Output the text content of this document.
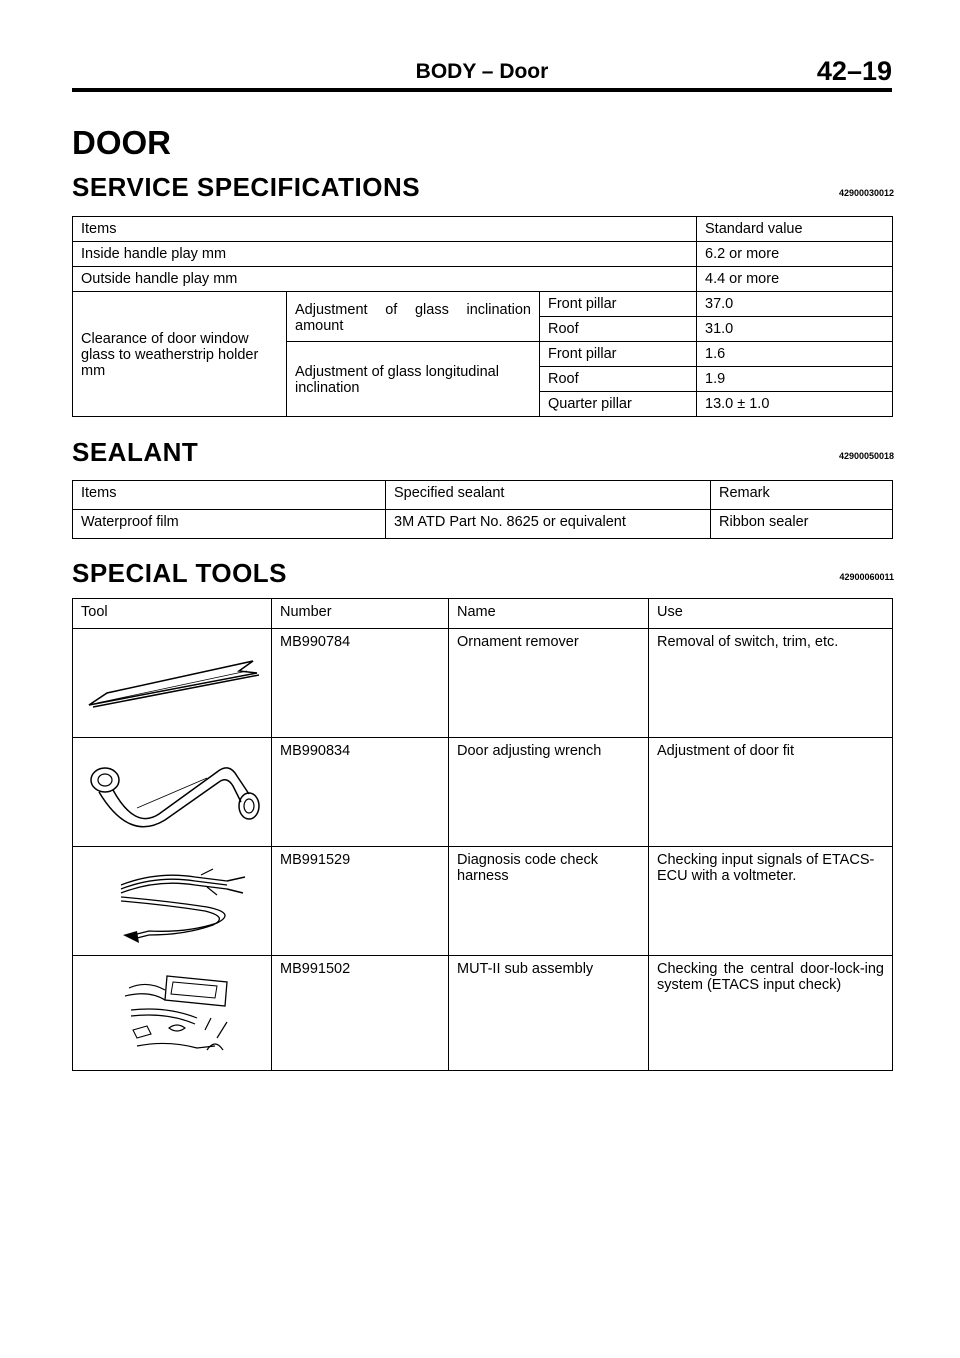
BODY – Door	42–19
DOOR
SERVICE SPECIFICATIONS	42900030012
Items			Standard value
Inside handle play mm			6.2 or more
Outside handle play mm			4.4 or more
Clearance of door window glass to weatherstrip holder mm	Adjustment of glass inclination amount	Front pillar	37.0
		Roof	31.0
	Adjustment of glass longitudinal inclination	Front pillar	1.6
		Roof	1.9
		Quarter pillar	13.0 ± 1.0
SEALANT	42900050018
Items	Specified sealant	Remark
Waterproof film	3M ATD Part No. 8625 or equivalent	Ribbon sealer
SPECIAL TOOLS	42900060011
Tool	Number	Name	Use

	MB990784	Ornament remover	Removal of switch, trim, etc.

	MB990834	Door adjusting wrench	Adjustment of door fit

	MB991529	Diagnosis code check harness	Checking input signals of ETACS-ECU with a voltmeter.

	MB991502	MUT-II sub assembly	Checking the central door-lock-ing system (ETACS input check)
